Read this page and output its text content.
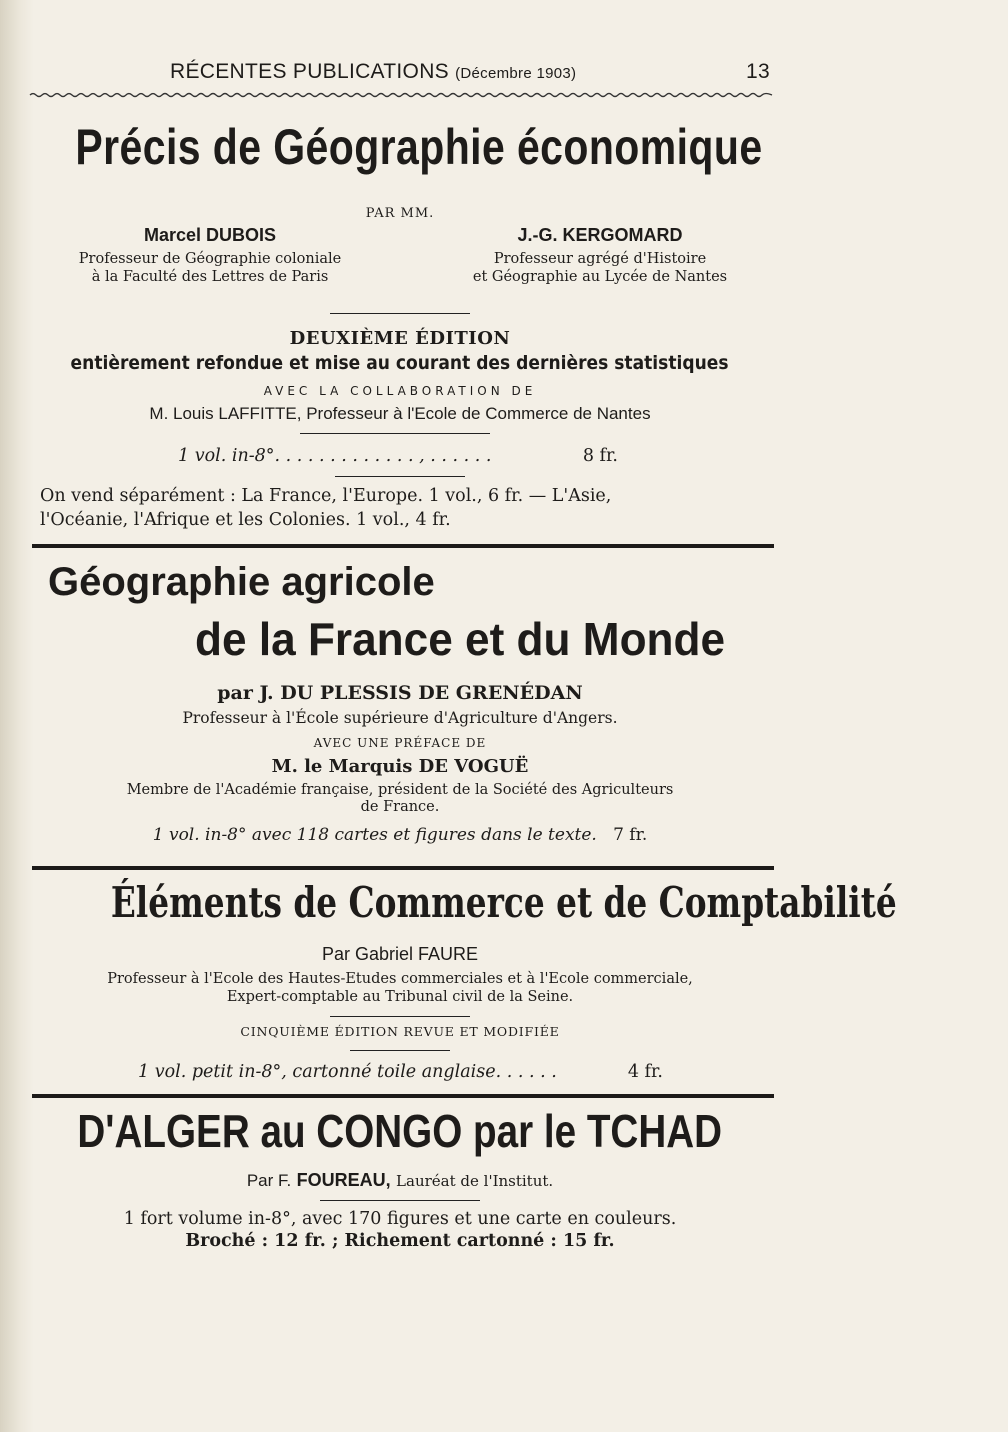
RÉCENTES PUBLICATIONS (Décembre 1903)	13
Précis de Géographie économique
PAR MM.
Marcel DUBOIS
Professeur de Géographie coloniale
à la Faculté des Lettres de Paris
J.-G. KERGOMARD
Professeur agrégé d'Histoire
et Géographie au Lycée de Nantes
DEUXIÈME ÉDITION
entièrement refondue et mise au courant des dernières statistiques
AVEC LA COLLABORATION DE
M. Louis LAFFITTE, Professeur à l'Ecole de Commerce de Nantes
1 vol. in-8°. . . . . . . . . . . . . , . . . . . .	8 fr.
On vend séparément : La France, l'Europe. 1 vol., 6 fr. — L'Asie,
l'Océanie, l'Afrique et les Colonies. 1 vol., 4 fr.
Géographie agricole
de la France et du Monde
par J. DU PLESSIS DE GRENÉDAN
Professeur à l'École supérieure d'Agriculture d'Angers.
AVEC UNE PRÉFACE DE
M. le Marquis DE VOGUË
Membre de l'Académie française, président de la Société des Agriculteurs
de France.
1 vol. in-8° avec 118 cartes et figures dans le texte. 7 fr.
Éléments de Commerce et de Comptabilité
Par Gabriel FAURE
Professeur à l'Ecole des Hautes-Etudes commerciales et à l'Ecole commerciale,
Expert-comptable au Tribunal civil de la Seine.
CINQUIÈME ÉDITION REVUE ET MODIFIÉE
1 vol. petit in-8°, cartonné toile anglaise. . . . . .	4 fr.
D'ALGER au CONGO par le TCHAD
Par F. FOUREAU, Lauréat de l'Institut.
1 fort volume in-8°, avec 170 figures et une carte en couleurs.
Broché : 12 fr. ; Richement cartonné : 15 fr.
